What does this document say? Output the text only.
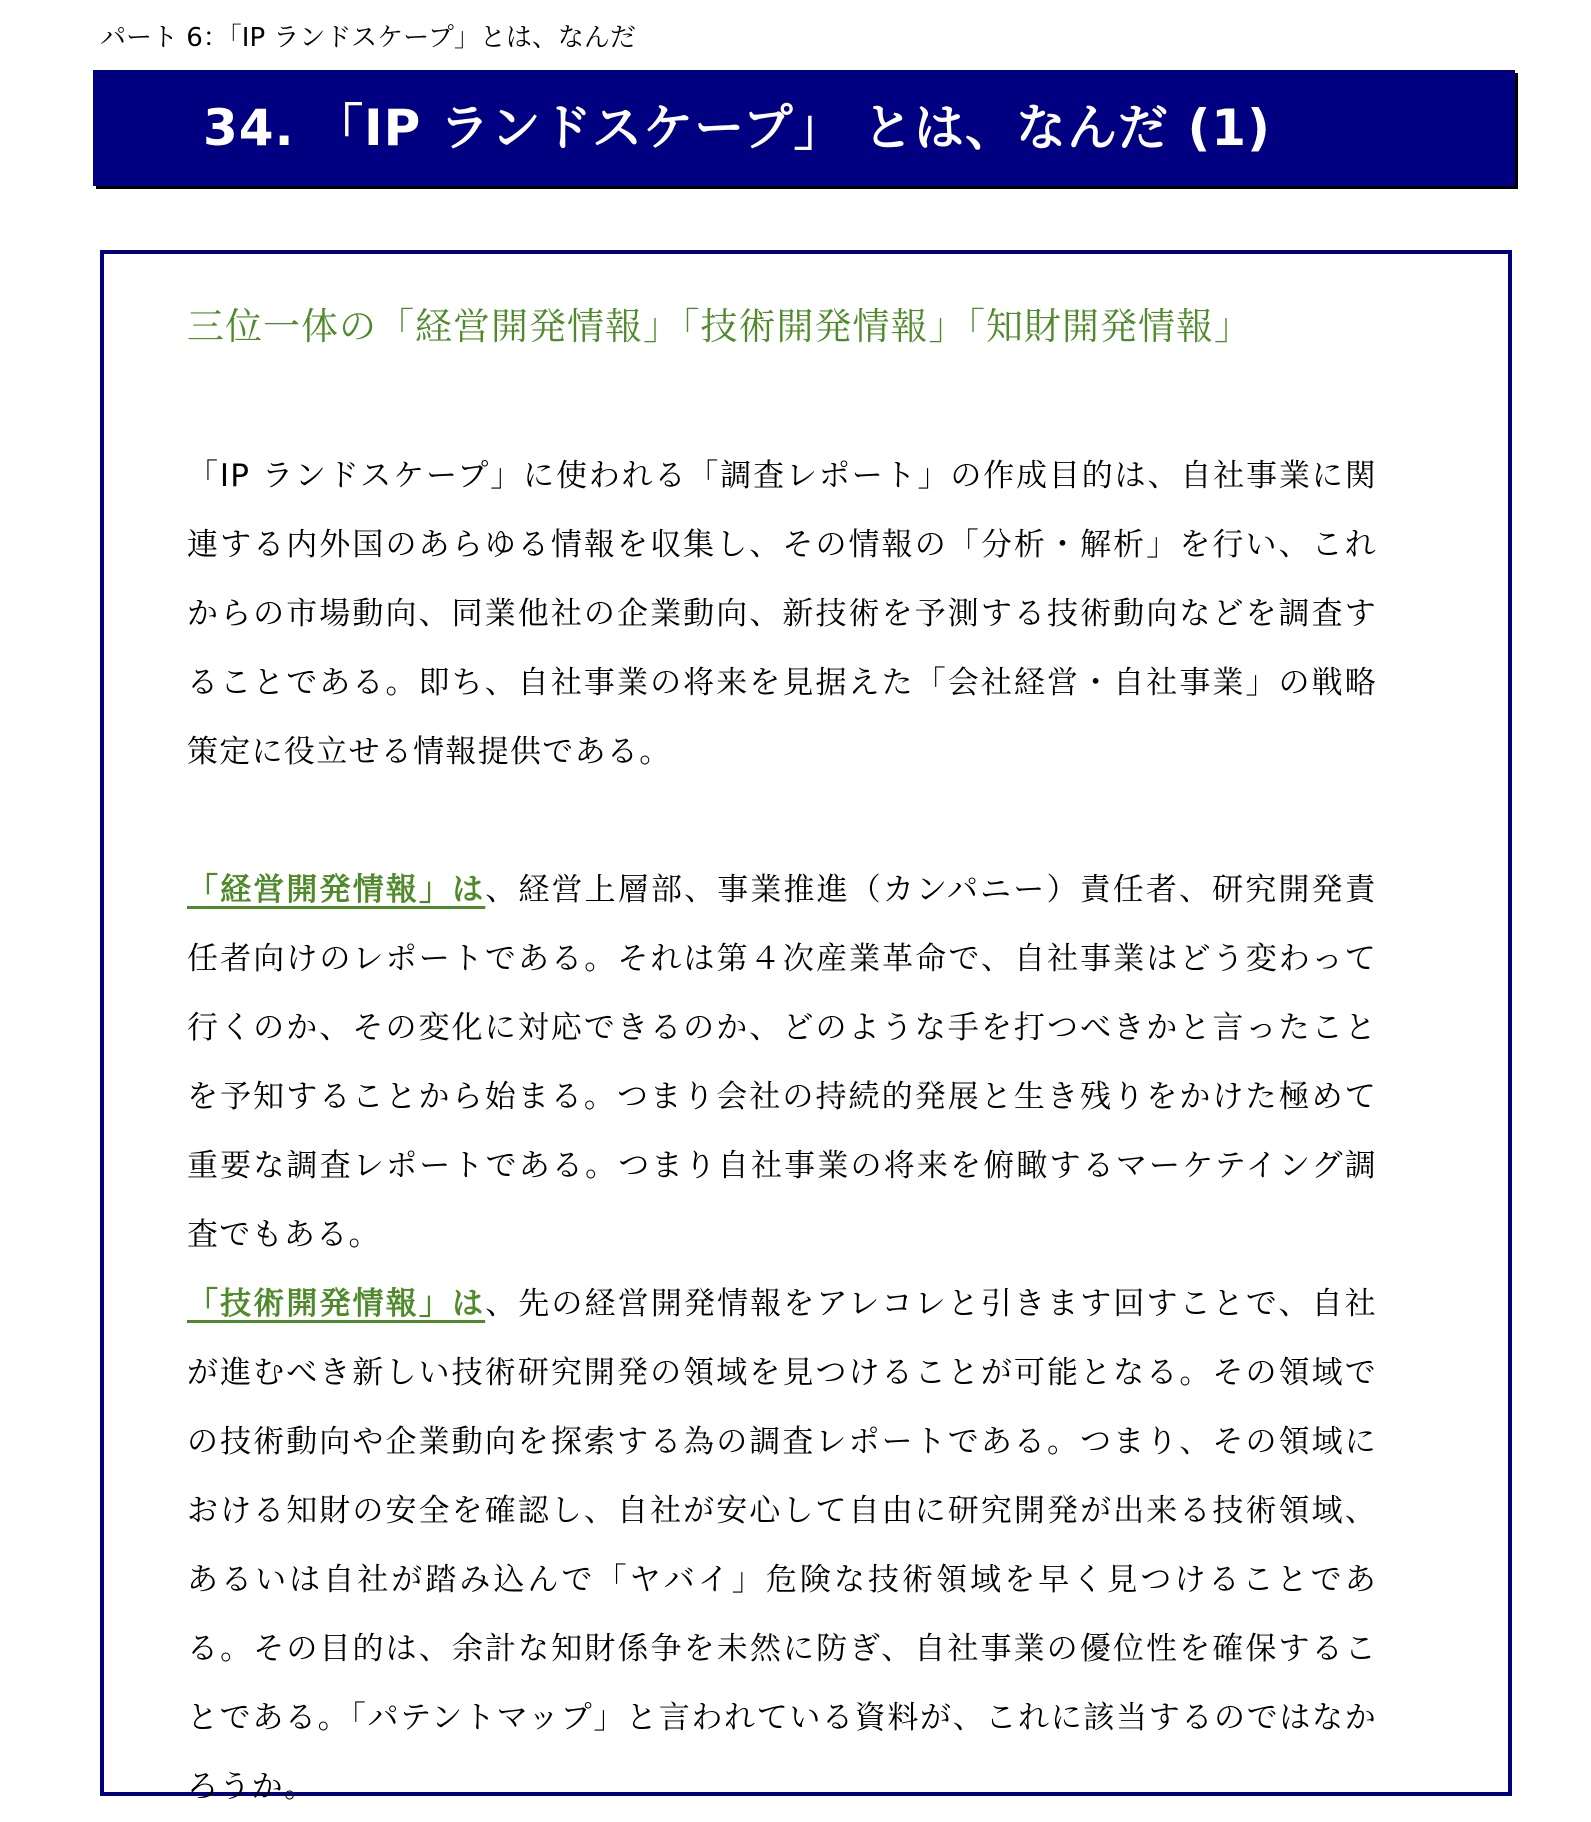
パート 6：「IP ランドスケープ」とは、なんだ
34. 「IP ランドスケープ」 とは、なんだ (1)
三位一体の「経営開発情報」「技術開発情報」「知財開発情報」
「IP ランドスケープ」に使われる「調査レポート」の作成目的は、自社事業に関連する内外国のあらゆる情報を収集し、その情報の「分析・解析」を行い、これからの市場動向、同業他社の企業動向、新技術を予測する技術動向などを調査することである。即ち、自社事業の将来を見据えた「会社経営・自社事業」の戦略策定に役立せる情報提供である。
「経営開発情報」は、経営上層部、事業推進（カンパニー）責任者、研究開発責任者向けのレポートである。それは第４次産業革命で、自社事業はどう変わって行くのか、その変化に対応できるのか、どのような手を打つべきかと言ったことを予知することから始まる。つまり会社の持続的発展と生き残りをかけた極めて重要な調査レポートである。つまり自社事業の将来を俯瞰するマーケテイング調査でもある。
「技術開発情報」は、先の経営開発情報をアレコレと引きます回すことで、自社が進むべき新しい技術研究開発の領域を見つけることが可能となる。その領域での技術動向や企業動向を探索する為の調査レポートである。つまり、その領域における知財の安全を確認し、自社が安心して自由に研究開発が出来る技術領域、あるいは自社が踏み込んで「ヤバイ」危険な技術領域を早く見つけることである。その目的は、余計な知財係争を未然に防ぎ、自社事業の優位性を確保することである。「パテントマップ」と言われている資料が、これに該当するのではなかろうか。
